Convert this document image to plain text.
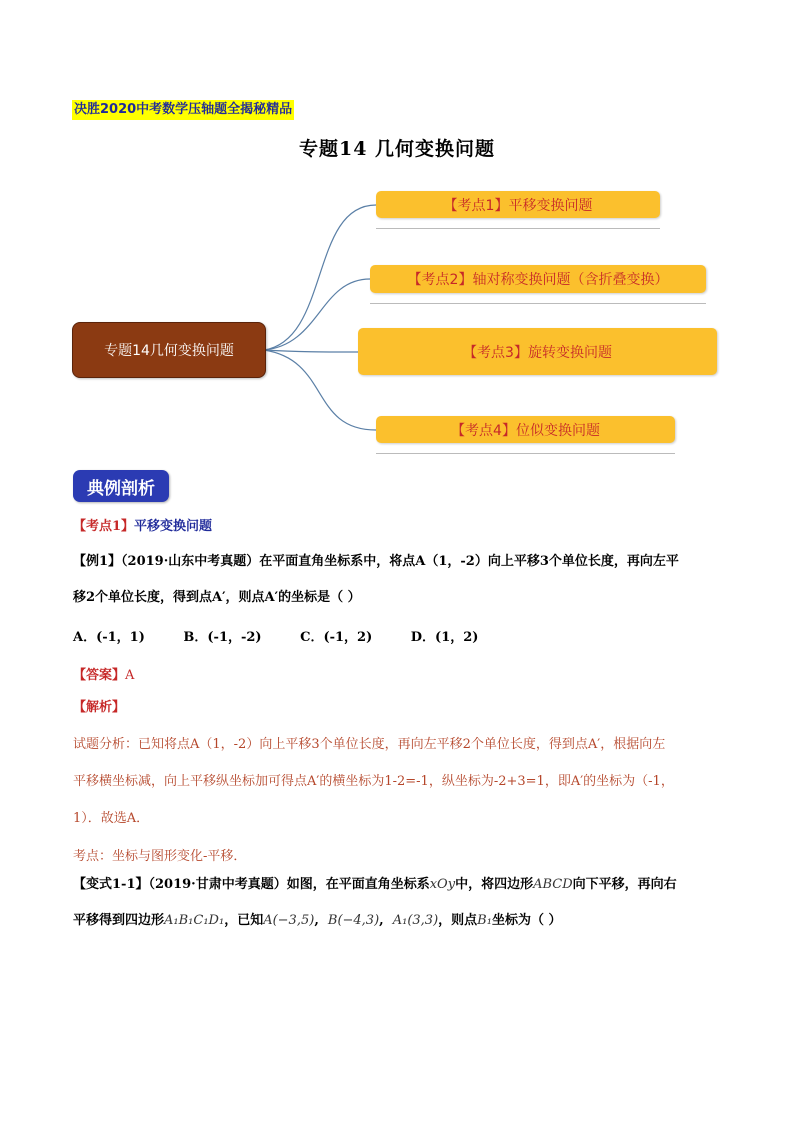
决胜2020中考数学压轴题全揭秘精品
专题14 几何变换问题
专题14几何变换问题
【考点1】平移变换问题
【考点2】轴对称变换问题（含折叠变换）
【考点3】旋转变换问题
【考点4】位似变换问题
典例剖析
【考点1】平移变换问题
【例1】（2019·山东中考真题）在平面直角坐标系中，将点A（1，-2）向上平移3个单位长度，再向左平
移2个单位长度，得到点A′，则点A′的坐标是（ ）
A．(-1，1)	B．(-1，-2)	C．(-1，2)	D．(1，2)
【答案】A
【解析】
试题分析：已知将点A（1，-2）向上平移3个单位长度，再向左平移2个单位长度，得到点A′，根据向左
平移横坐标减，向上平移纵坐标加可得点A′的横坐标为1-2=-1，纵坐标为-2+3=1，即A′的坐标为（-1，
1）．故选A．
考点：坐标与图形变化-平移．
【变式1-1】（2019·甘肃中考真题）如图，在平面直角坐标系xOy中，将四边形ABCD向下平移，再向右
平移得到四边形A₁B₁C₁D₁，已知A(−3,5),  B(−4,3),  A₁(3,3)，则点B₁坐标为（ ）
